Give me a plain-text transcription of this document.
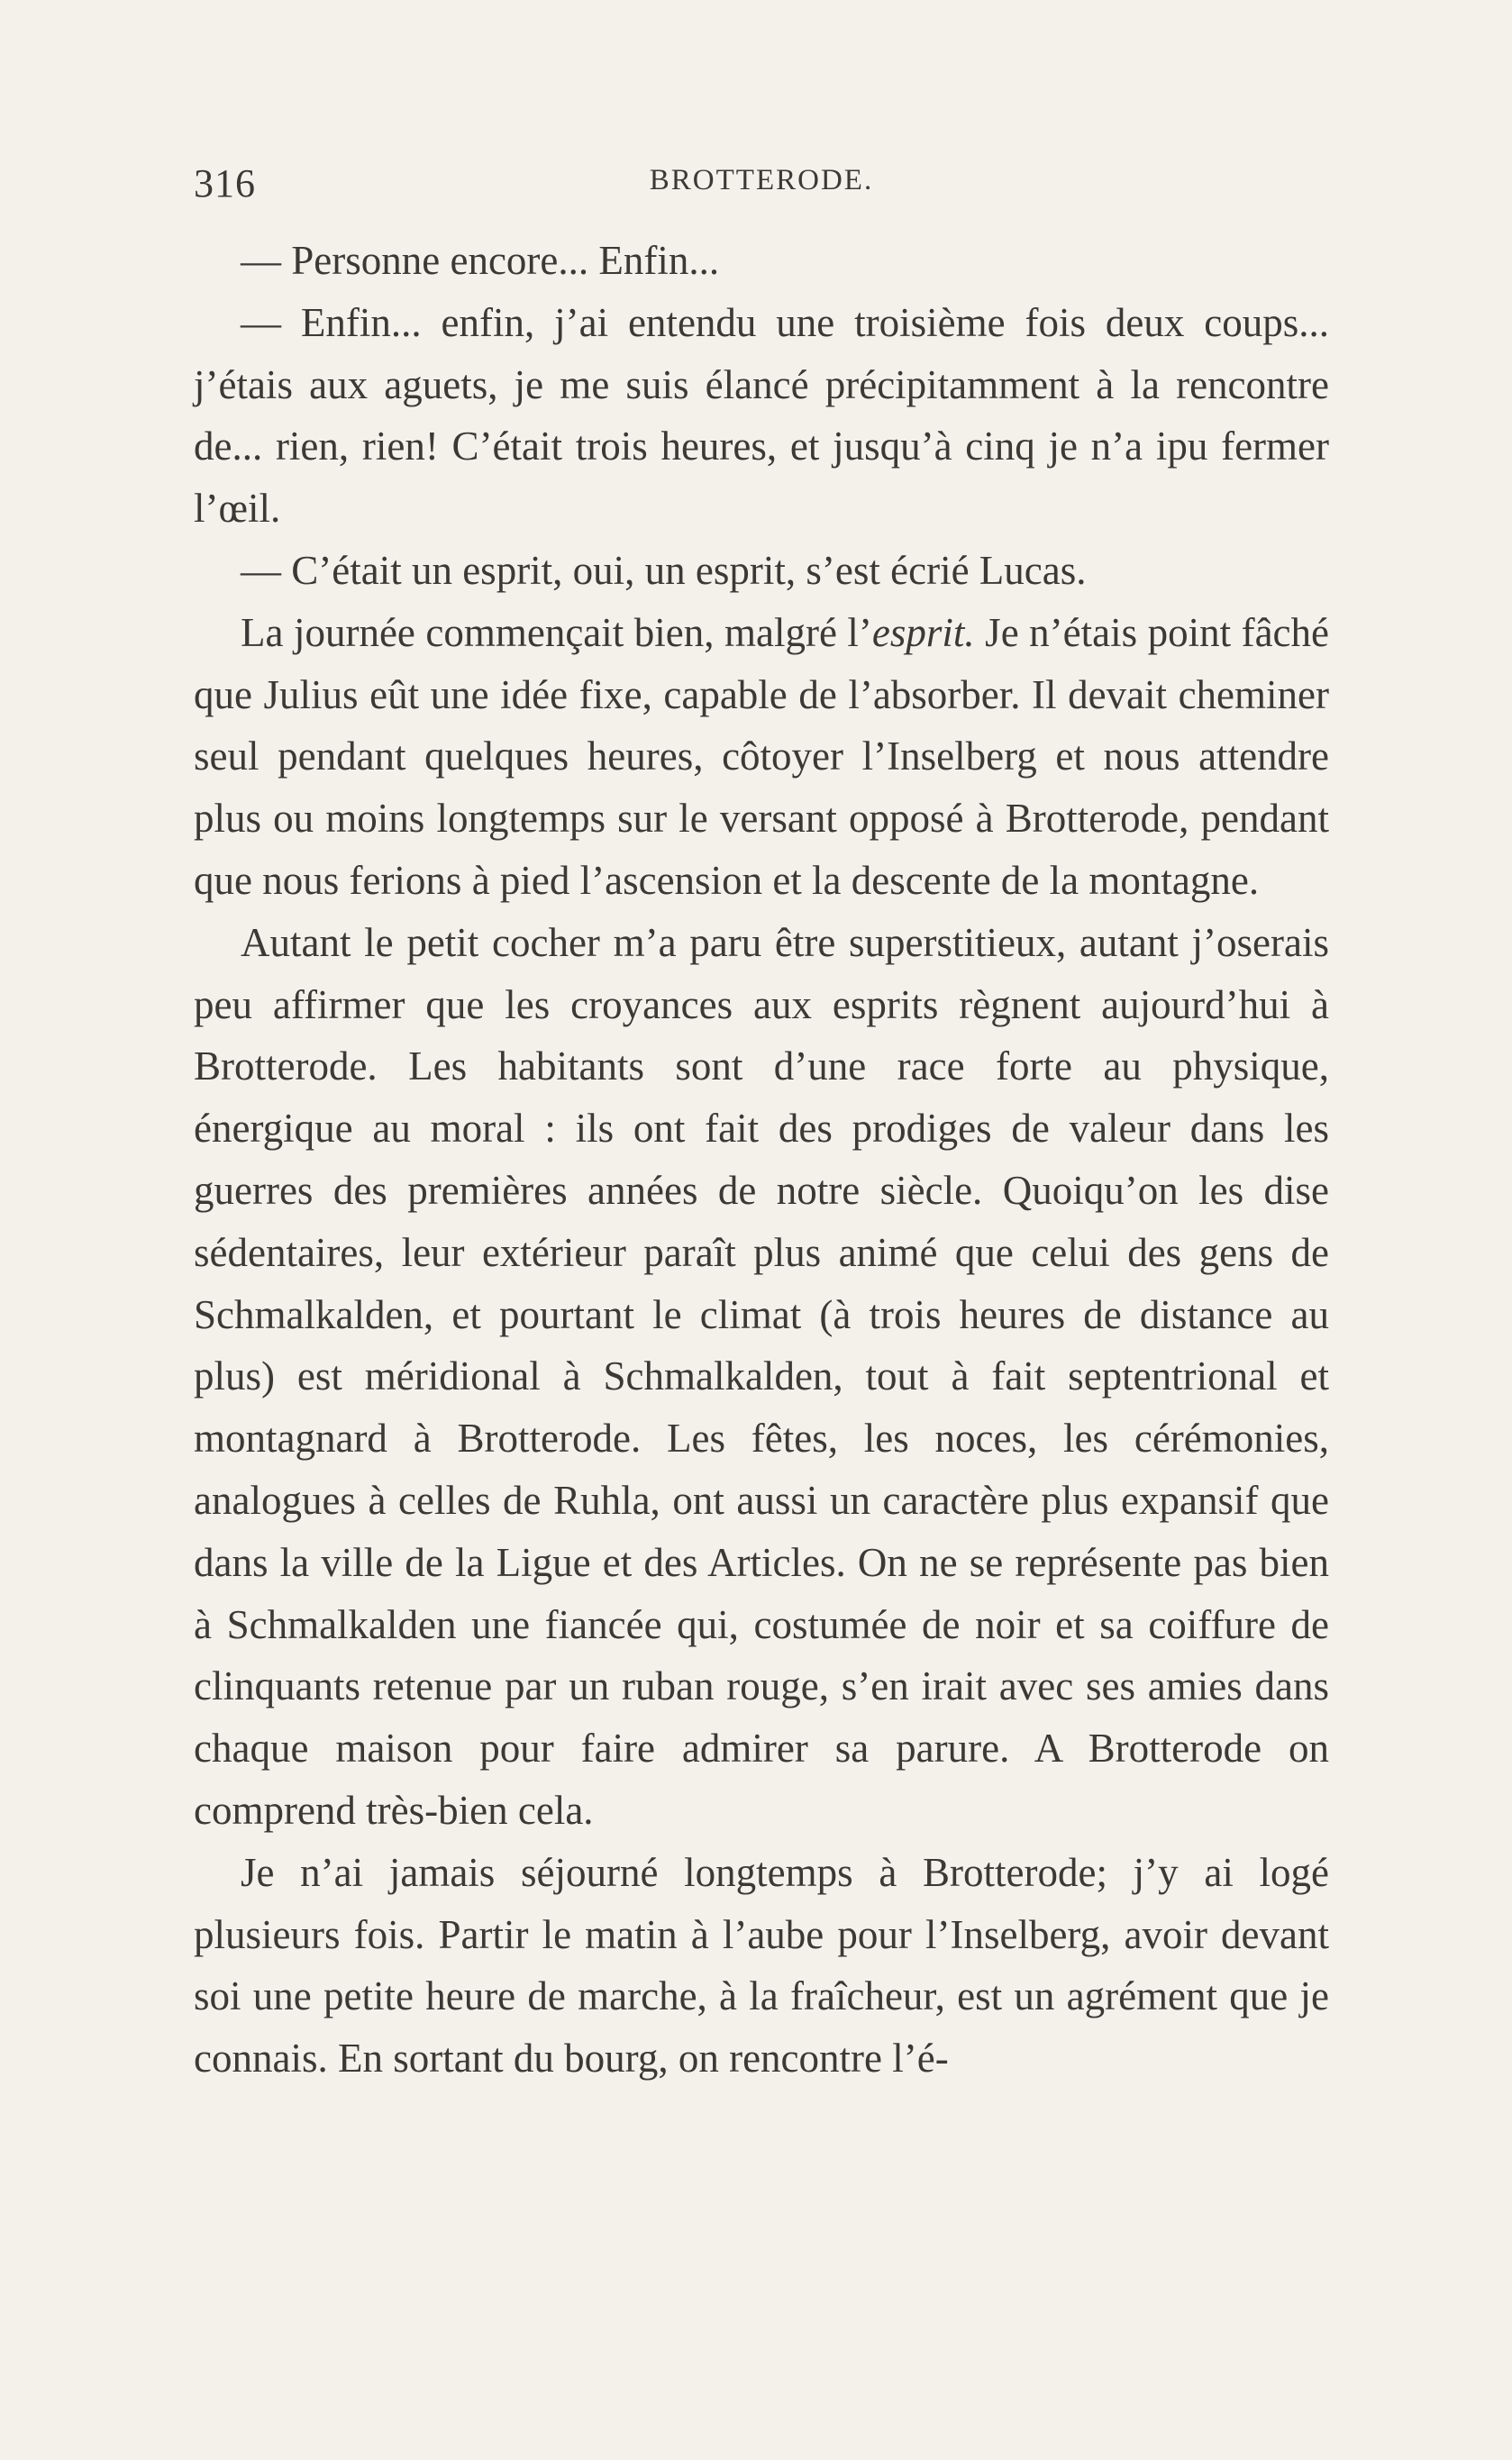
316	BROTTERODE.

— Personne encore... Enfin...

— Enfin... enfin, j’ai entendu une troisième fois deux coups... j’étais aux aguets, je me suis élancé précipitamment à la rencontre de... rien, rien! C’était trois heures, et jusqu’à cinq je n’a ipu fermer l’œil.

— C’était un esprit, oui, un esprit, s’est écrié Lucas.

La journée commençait bien, malgré l’esprit. Je n’étais point fâché que Julius eût une idée fixe, capable de l’absorber. Il devait cheminer seul pendant quelques heures, côtoyer l’Inselberg et nous attendre plus ou moins longtemps sur le versant opposé à Brotterode, pendant que nous ferions à pied l’ascension et la descente de la montagne.

Autant le petit cocher m’a paru être superstitieux, autant j’oserais peu affirmer que les croyances aux esprits règnent aujourd’hui à Brotterode. Les habitants sont d’une race forte au physique, énergique au moral : ils ont fait des prodiges de valeur dans les guerres des premières années de notre siècle. Quoiqu’on les dise sédentaires, leur extérieur paraît plus animé que celui des gens de Schmalkalden, et pourtant le climat (à trois heures de distance au plus) est méridional à Schmalkalden, tout à fait septentrional et montagnard à Brotterode. Les fêtes, les noces, les cérémonies, analogues à celles de Ruhla, ont aussi un caractère plus expansif que dans la ville de la Ligue et des Articles. On ne se représente pas bien à Schmalkalden une fiancée qui, costumée de noir et sa coiffure de clinquants retenue par un ruban rouge, s’en irait avec ses amies dans chaque maison pour faire admirer sa parure. A Brotterode on comprend très-bien cela.

Je n’ai jamais séjourné longtemps à Brotterode; j’y ai logé plusieurs fois. Partir le matin à l’aube pour l’Inselberg, avoir devant soi une petite heure de marche, à la fraîcheur, est un agrément que je connais. En sortant du bourg, on rencontre l’é-
